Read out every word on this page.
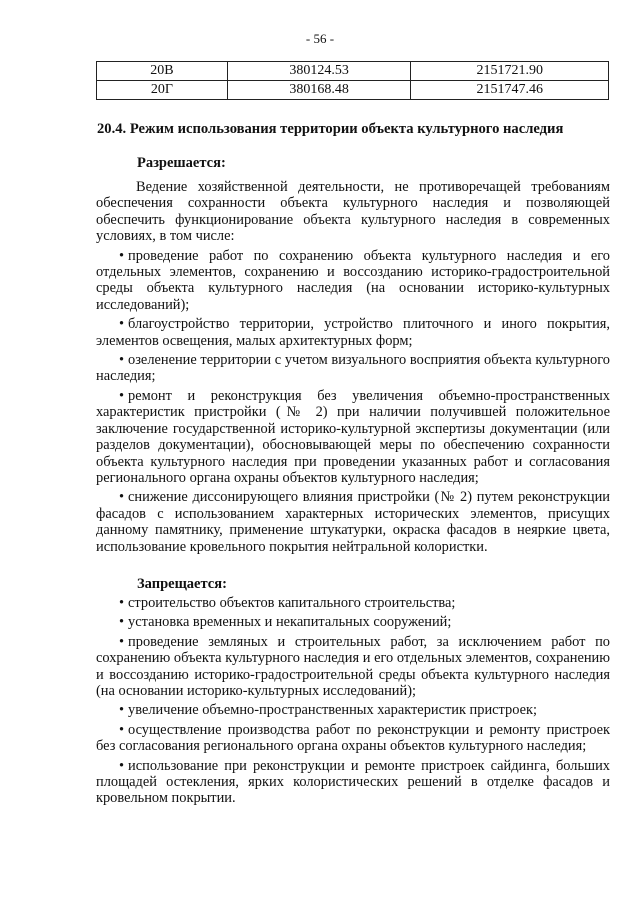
- 56 -
20В	380124.53	2151721.90
20Г	380168.48	2151747.46
20.4. Режим использования территории объекта культурного наследия
Разрешается:

Ведение хозяйственной деятельности, не противоречащей требованиям обеспечения сохранности объекта культурного наследия и позволяющей обеспечить функционирование объекта культурного наследия в современных условиях, в том числе:

• проведение работ по сохранению объекта культурного наследия и его отдельных элементов, сохранению и воссозданию историко-градостроительной среды объекта культурного наследия (на основании историко-культурных исследований);

• благоустройство территории, устройство плиточного и иного покрытия, элементов освещения, малых архитектурных форм;

• озеленение территории с учетом визуального восприятия объекта культурного наследия;

• ремонт и реконструкция без увеличения объемно-пространственных характеристик пристройки (№ 2) при наличии получившей положительное заключение государственной историко-культурной экспертизы документации (или разделов документации), обосновывающей меры по обеспечению сохранности объекта культурного наследия при проведении указанных работ и согласования регионального органа охраны объектов культурного наследия;

• снижение диссонирующего влияния пристройки (№ 2) путем реконструкции фасадов с использованием характерных исторических элементов, присущих данному памятнику, применение штукатурки, окраска фасадов в неяркие цвета, использование кровельного покрытия нейтральной колористки.

Запрещается:

• строительство объектов капитального строительства;

• установка временных и некапитальных сооружений;

• проведение земляных и строительных работ, за исключением работ по сохранению объекта культурного наследия и его отдельных элементов, сохранению и воссозданию историко-градостроительной среды объекта культурного наследия (на основании историко-культурных исследований);

• увеличение объемно-пространственных характеристик пристроек;

• осуществление производства работ по реконструкции и ремонту пристроек без согласования регионального органа охраны объектов культурного наследия;

• использование при реконструкции и ремонте пристроек сайдинга, больших площадей остекления, ярких колористических решений в отделке фасадов и кровельном покрытии.
